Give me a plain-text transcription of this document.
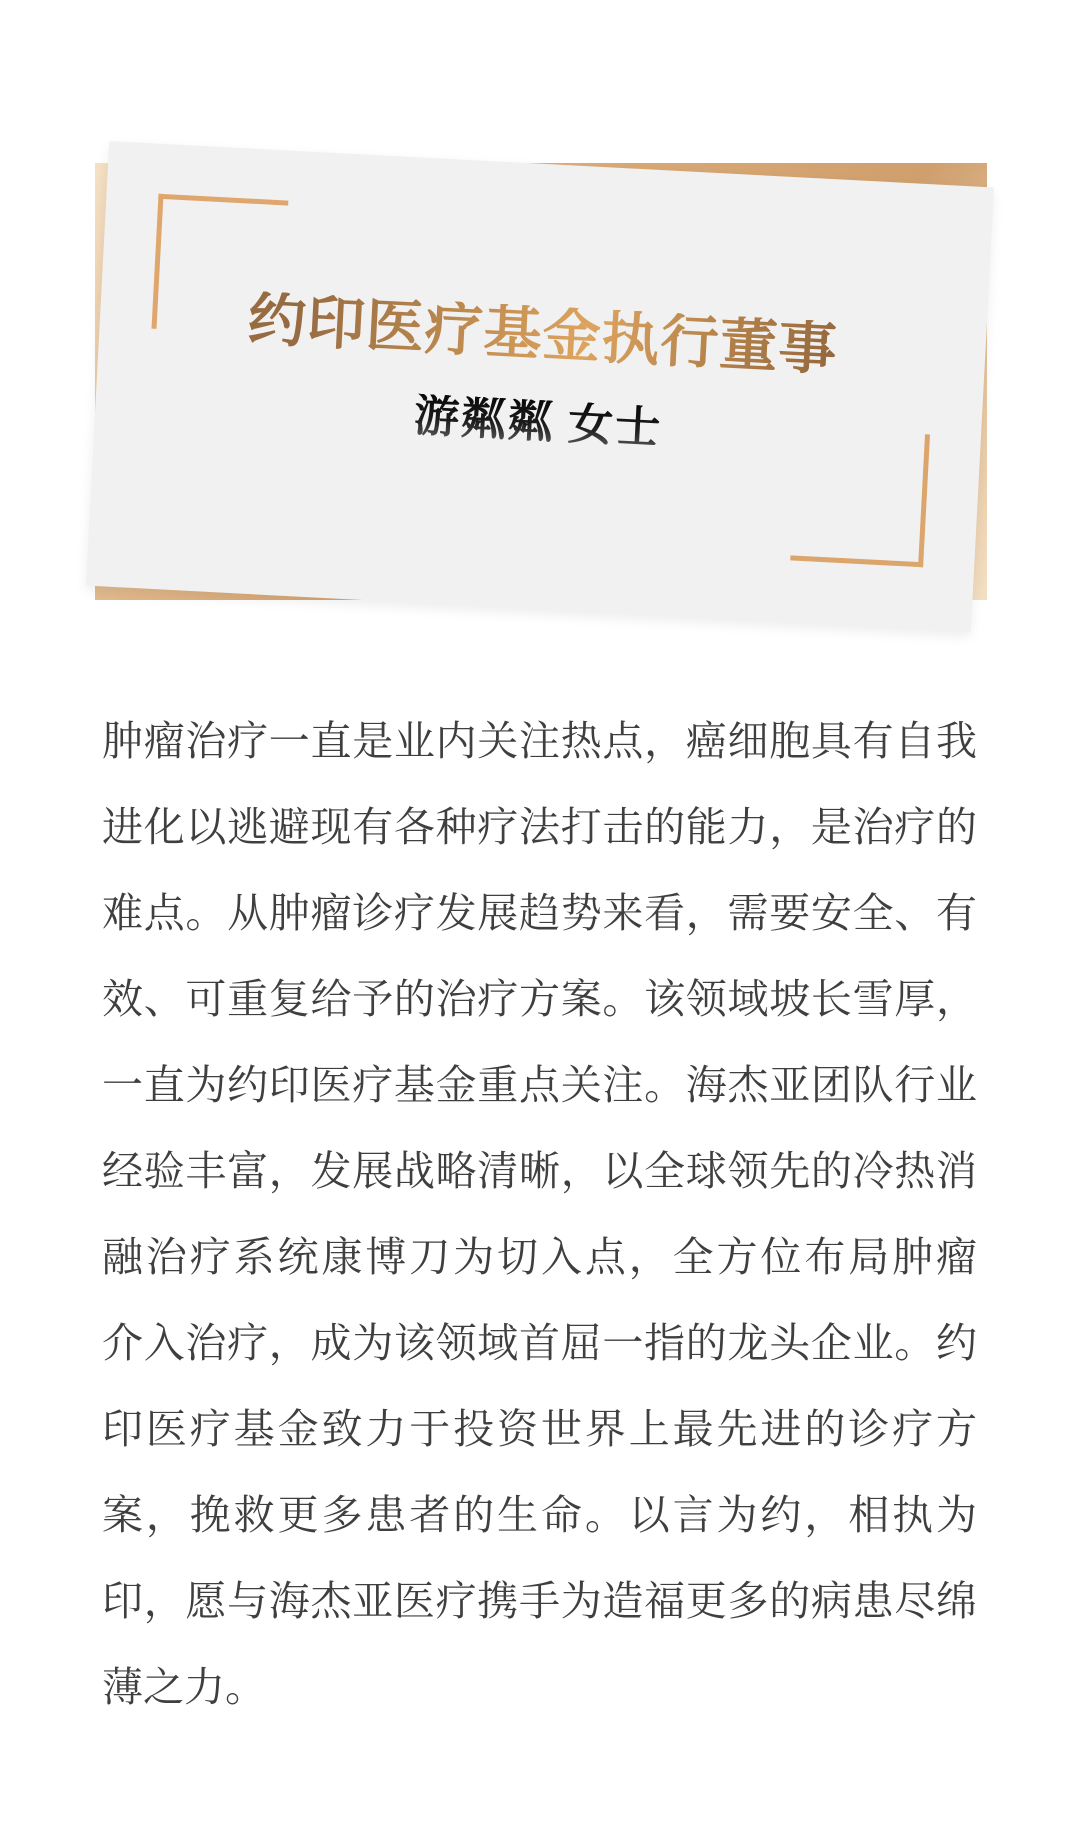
约印医疗基金执行董事
游粼粼 女士
肿瘤治疗一直是业内关注热点，癌细胞具有自我
进化以逃避现有各种疗法打击的能力，是治疗的
难点。从肿瘤诊疗发展趋势来看，需要安全、有
效、可重复给予的治疗方案。该领域坡长雪厚，
一直为约印医疗基金重点关注。海杰亚团队行业
经验丰富，发展战略清晰，以全球领先的冷热消
融治疗系统康博刀为切入点，全方位布局肿瘤
介入治疗，成为该领域首屈一指的龙头企业。约
印医疗基金致力于投资世界上最先进的诊疗方
案，挽救更多患者的生命。以言为约，相执为
印，愿与海杰亚医疗携手为造福更多的病患尽绵
薄之力。
